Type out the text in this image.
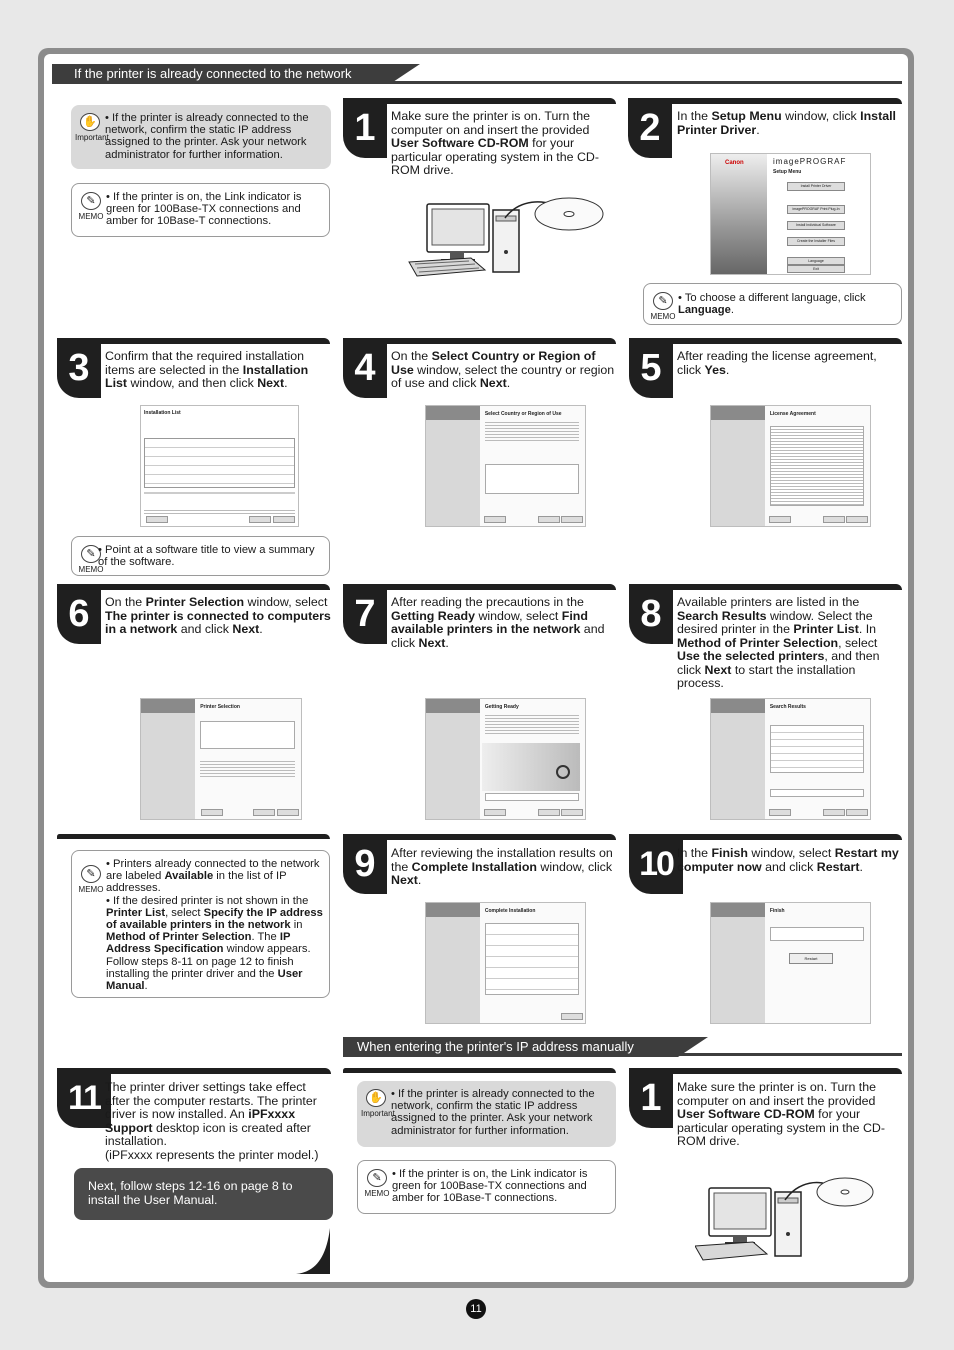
If the printer is already connected to the network
✋
Important
• If the printer is already connected to the network, confirm the static IP address assigned to the printer. Ask your network administrator for further information.
✎
MEMO
• If the printer is on, the Link indicator is green for 100Base-TX connections and amber for 10Base-T connections.
1	Make sure the printer is on. Turn the computer on and insert the provided User Software CD-ROM for your particular operating system in the CD-ROM drive.
2	In the Setup Menu window, click Install Printer Driver.
Canon	imagePROGRAF
Setup Menu
Install Printer Driver
imagePROGRAF Print Plug-In
Install Individual Software
Create the Installer Files
Language
Exit
✎
MEMO
• To choose a different language, click Language.
3	Confirm that the required installation items are selected in the Installation List window, and then click Next.
Installation List
✎
MEMO
• Point at a software title to view a summary of the software.
4	On the Select Country or Region of Use window, select the country or region of use and click Next.
Select Country or Region of Use
5	After reading the license agreement, click Yes.
License Agreement
6	On the Printer Selection window, select The printer is connected to computers in a network and click Next.
Printer Selection
7	After reading the precautions in the Getting Ready window, select Find available printers in the network and click Next.
Getting Ready
8	Available printers are listed in the Search Results window. Select the desired printer in the Printer List. In Method of Printer Selection, select Use the selected printers, and then click Next to start the installation process.
Search Results
✎
MEMO

• Printers already connected to the network are labeled Available in the list of IP addresses.

• If the desired printer is not shown in the Printer List, select Specify the IP address of available printers in the network in Method of Printer Selection. The IP Address Specification window appears. Follow steps 8-11 on page 12 to finish installing the printer driver and the User Manual.

9	After reviewing the installation results on the Complete Installation window, click Next.
Complete Installation
10 In the Finish window, select Restart my computer now and click Restart.
Finish
Restart
When entering the printer's IP address manually
11 The printer driver settings take effect after the computer restarts. The printer driver is now installed. An iPFxxxx Support desktop icon is created after installation.
(iPFxxxx represents the printer model.)
Next, follow steps 12-16 on page 8 to install the User Manual.
✋
Important
• If the printer is already connected to the network, confirm the static IP address assigned to the printer. Ask your network administrator for further information.
✎
MEMO
• If the printer is on, the Link indicator is green for 100Base-TX connections and amber for 10Base-T connections.
1	Make sure the printer is on. Turn the computer on and insert the provided User Software CD-ROM for your particular operating system in the CD-ROM drive.
11
